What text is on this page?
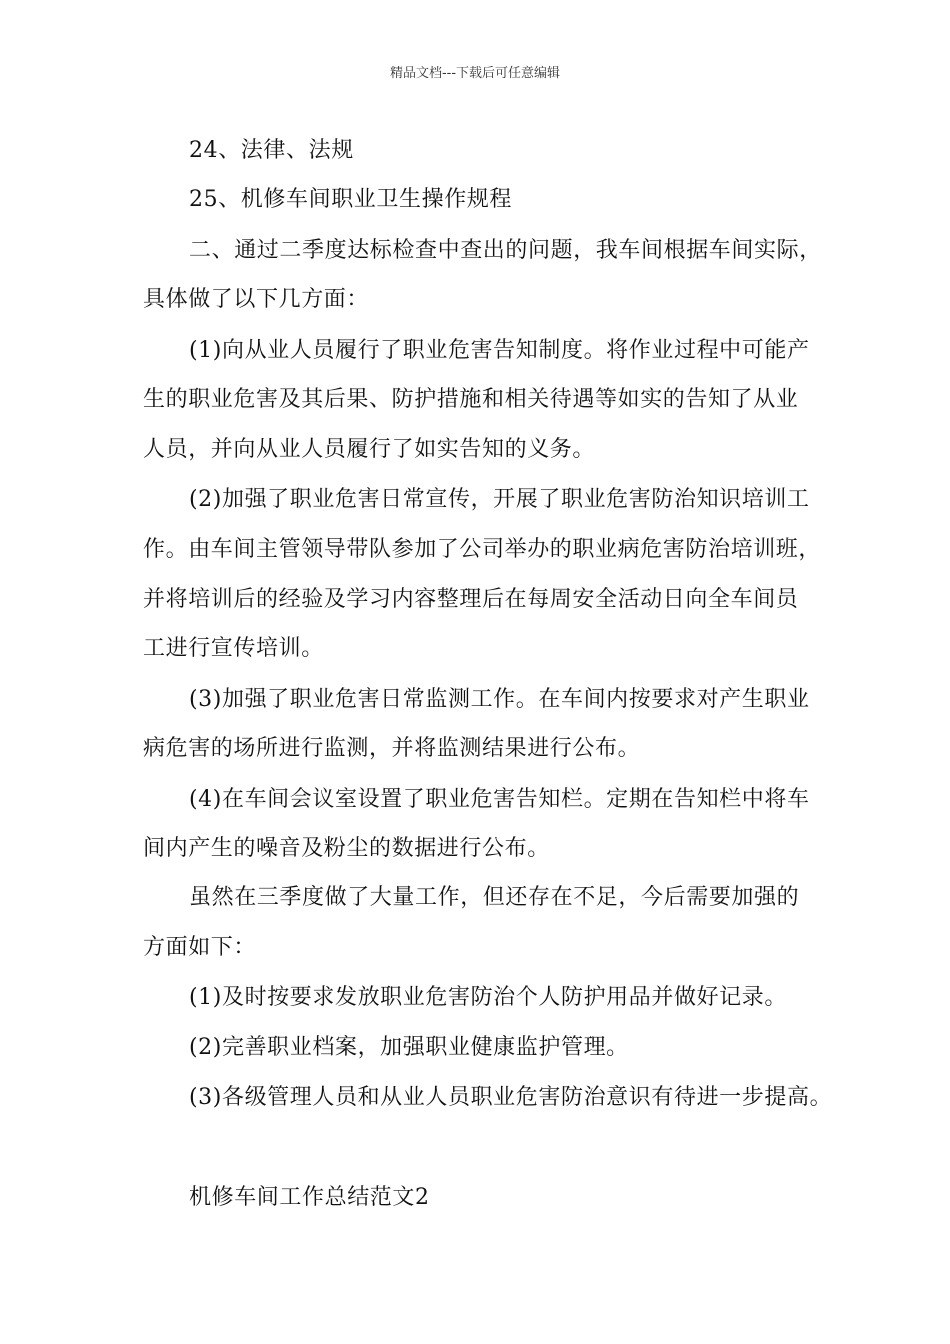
精品文档---下载后可任意编辑
24、法律、法规
25、机修车间职业卫生操作规程
二、通过二季度达标检查中查出的问题，我车间根据车间实际，
具体做了以下几方面：
(1)向从业人员履行了职业危害告知制度。将作业过程中可能产
生的职业危害及其后果、防护措施和相关待遇等如实的告知了从业
人员，并向从业人员履行了如实告知的义务。
(2)加强了职业危害日常宣传，开展了职业危害防治知识培训工
作。由车间主管领导带队参加了公司举办的职业病危害防治培训班，
并将培训后的经验及学习内容整理后在每周安全活动日向全车间员
工进行宣传培训。
(3)加强了职业危害日常监测工作。在车间内按要求对产生职业
病危害的场所进行监测，并将监测结果进行公布。
(4)在车间会议室设置了职业危害告知栏。定期在告知栏中将车
间内产生的噪音及粉尘的数据进行公布。
虽然在三季度做了大量工作，但还存在不足，今后需要加强的
方面如下：
(1)及时按要求发放职业危害防治个人防护用品并做好记录。
(2)完善职业档案，加强职业健康监护管理。
(3)各级管理人员和从业人员职业危害防治意识有待进一步提高。
机修车间工作总结范文2
